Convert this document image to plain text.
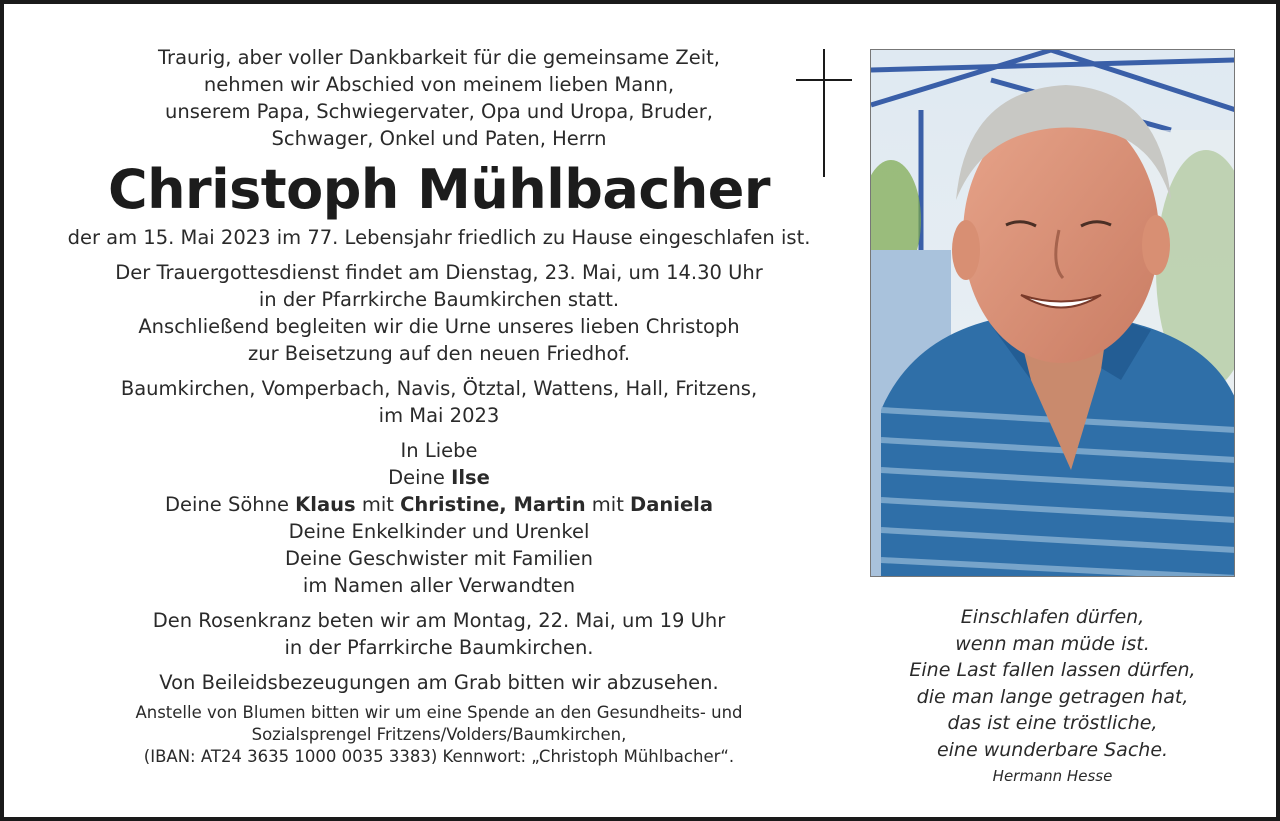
Traurig, aber voller Dankbarkeit für die gemeinsame Zeit,

nehmen wir Abschied von meinem lieben Mann,

unserem Papa, Schwiegervater, Opa und Uropa, Bruder,

Schwager, Onkel und Paten, Herrn

Christoph Mühlbacher

der am 15. Mai 2023 im 77. Lebensjahr friedlich zu Hause eingeschlafen ist.

Der Trauergottesdienst findet am Dienstag, 23. Mai, um 14.30 Uhr

in der Pfarrkirche Baumkirchen statt.

Anschließend begleiten wir die Urne unseres lieben Christoph

zur Beisetzung auf den neuen Friedhof.

Baumkirchen, Vomperbach, Navis, Ötztal, Wattens, Hall, Fritzens,

im Mai 2023

In Liebe

Deine Ilse

Deine Söhne Klaus mit Christine, Martin mit Daniela

Deine Enkelkinder und Urenkel

Deine Geschwister mit Familien

im Namen aller Verwandten

Den Rosenkranz beten wir am Montag, 22. Mai, um 19 Uhr

in der Pfarrkirche Baumkirchen.

Von Beileidsbezeugungen am Grab bitten wir abzusehen.

Anstelle von Blumen bitten wir um eine Spende an den Gesundheits- und

Sozialsprengel Fritzens/Volders/Baumkirchen,

(IBAN: AT24 3635 1000 0035 3383) Kennwort: „Christoph Mühlbacher“.

Einschlafen dürfen,

wenn man müde ist.

Eine Last fallen lassen dürfen,

die man lange getragen hat,

das ist eine tröstliche,

eine wunderbare Sache.

Hermann Hesse
